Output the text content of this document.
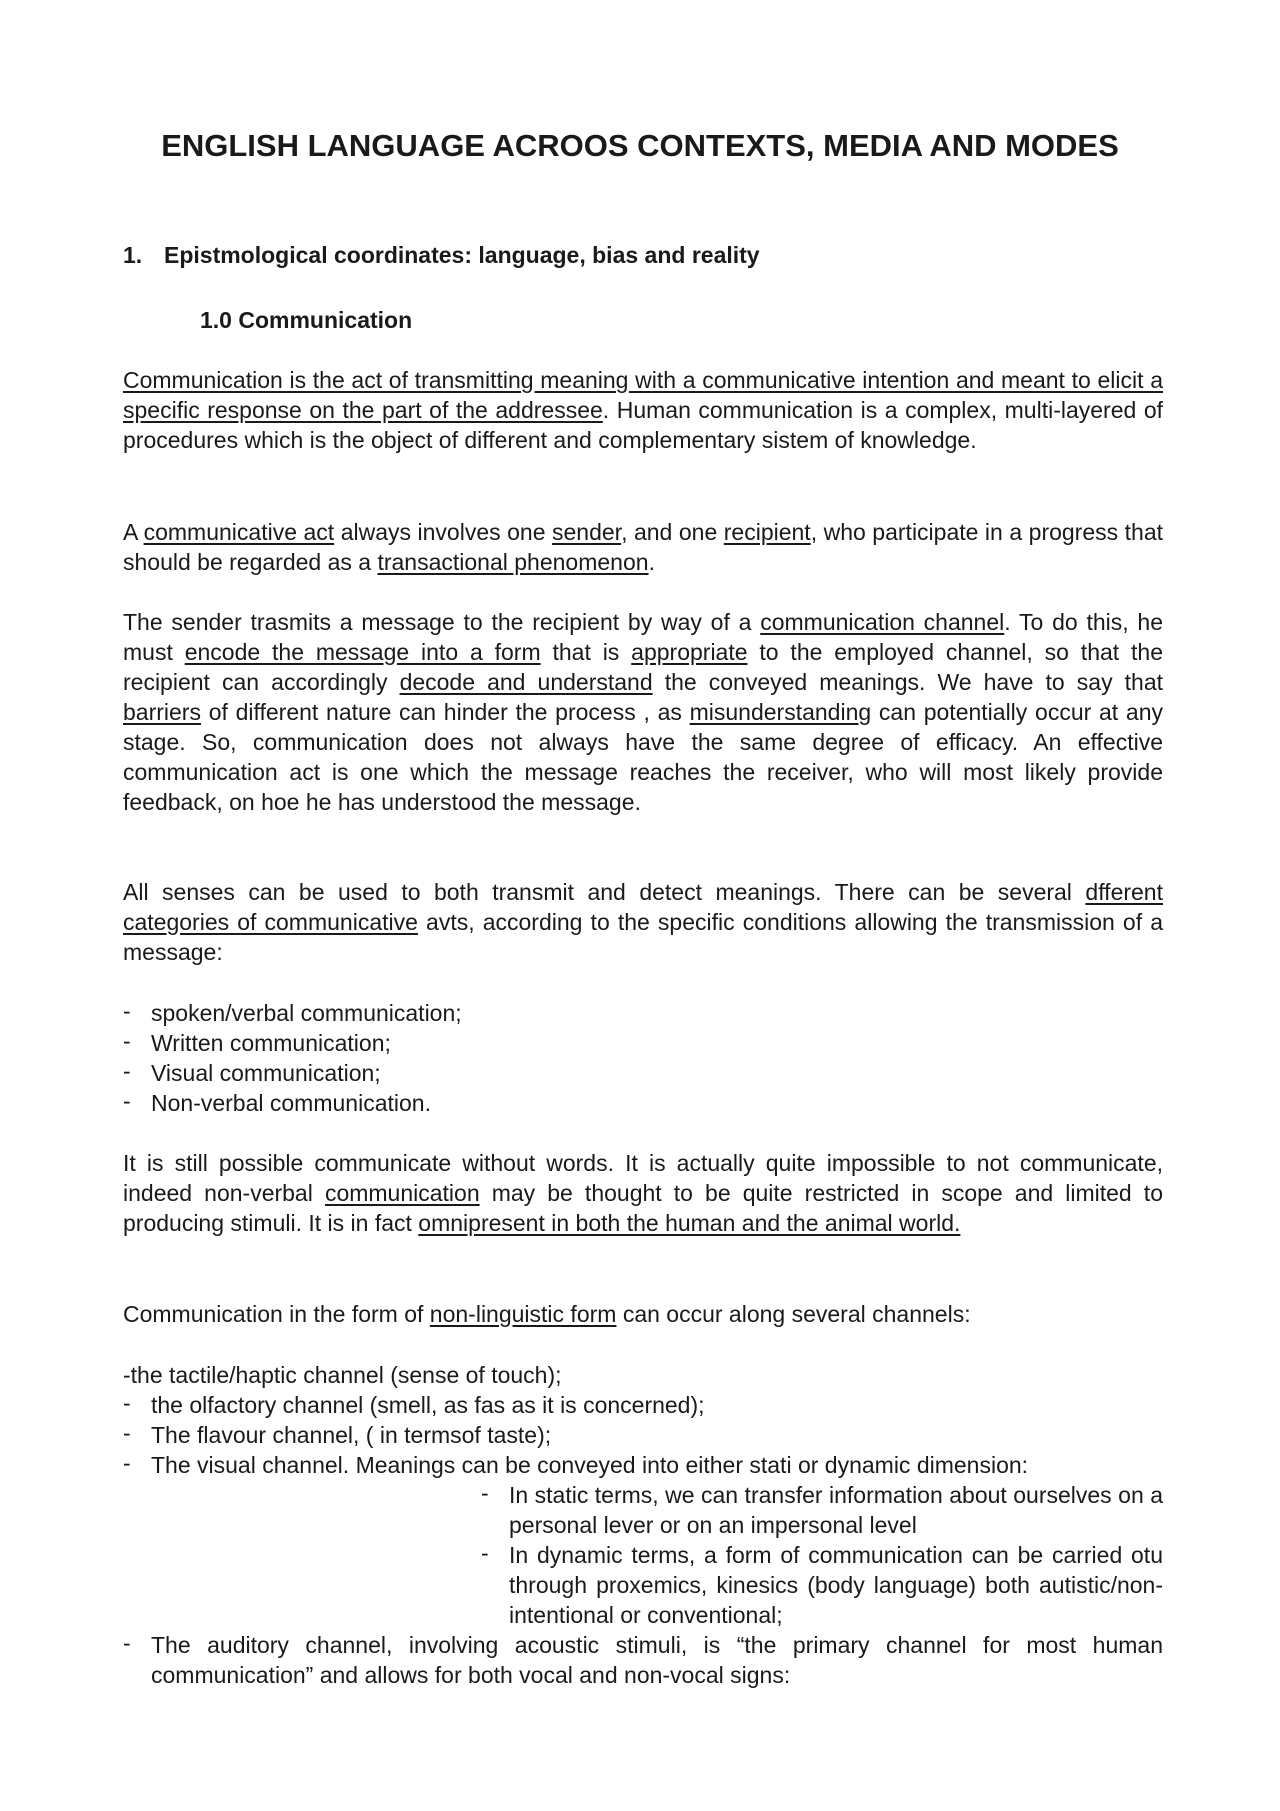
ENGLISH LANGUAGE ACROOS CONTEXTS, MEDIA AND MODES
1. Epistmological coordinates: language, bias and reality
1.0 Communication

Communication is the act of transmitting meaning with a communicative intention and meant to elicit a specific response on the part of the addressee. Human communication is a complex, multi-layered of procedures which is the object of different and complementary sistem of knowledge.

A communicative act always involves one sender, and one recipient, who participate in a progress that should be regarded as a transactional phenomenon.

The sender trasmits a message to the recipient by way of a communication channel. To do this, he must encode the message into a form that is appropriate to the employed channel, so that the recipient can accordingly decode and understand the conveyed meanings. We have to say that barriers of different nature can hinder the process , as misunderstanding can potentially occur at any stage. So, communication does not always have the same degree of efficacy. An effective communication act is one which the message reaches the receiver, who will most likely provide feedback, on hoe he has understood the message.

All senses can be used to both transmit and detect meanings. There can be several dfferent categories of communicative avts, according to the specific conditions allowing the transmission of a message:

- spoken/verbal communication;
- Written communication;
- Visual communication;
- Non-verbal communication.

It is still possible communicate without words. It is actually quite impossible to not communicate, indeed non-verbal communication may be thought to be quite restricted in scope and limited to producing stimuli. It is in fact omnipresent in both the human and the animal world.

Communication in the form of non-linguistic form can occur along several channels:

-the tactile/haptic channel (sense of touch);
- the olfactory channel (smell, as fas as it is concerned);
- The flavour channel, ( in termsof taste);
- The visual channel. Meanings can be conveyed into either stati or dynamic dimension:
- In static terms, we can transfer information about ourselves on a personal lever or on an impersonal level
- In dynamic terms, a form of communication can be carried otu through proxemics, kinesics (body language) both autistic/non-intentional or conventional;
- The auditory channel, involving acoustic stimuli, is “the primary channel for most human communication” and allows for both vocal and non-vocal signs:
